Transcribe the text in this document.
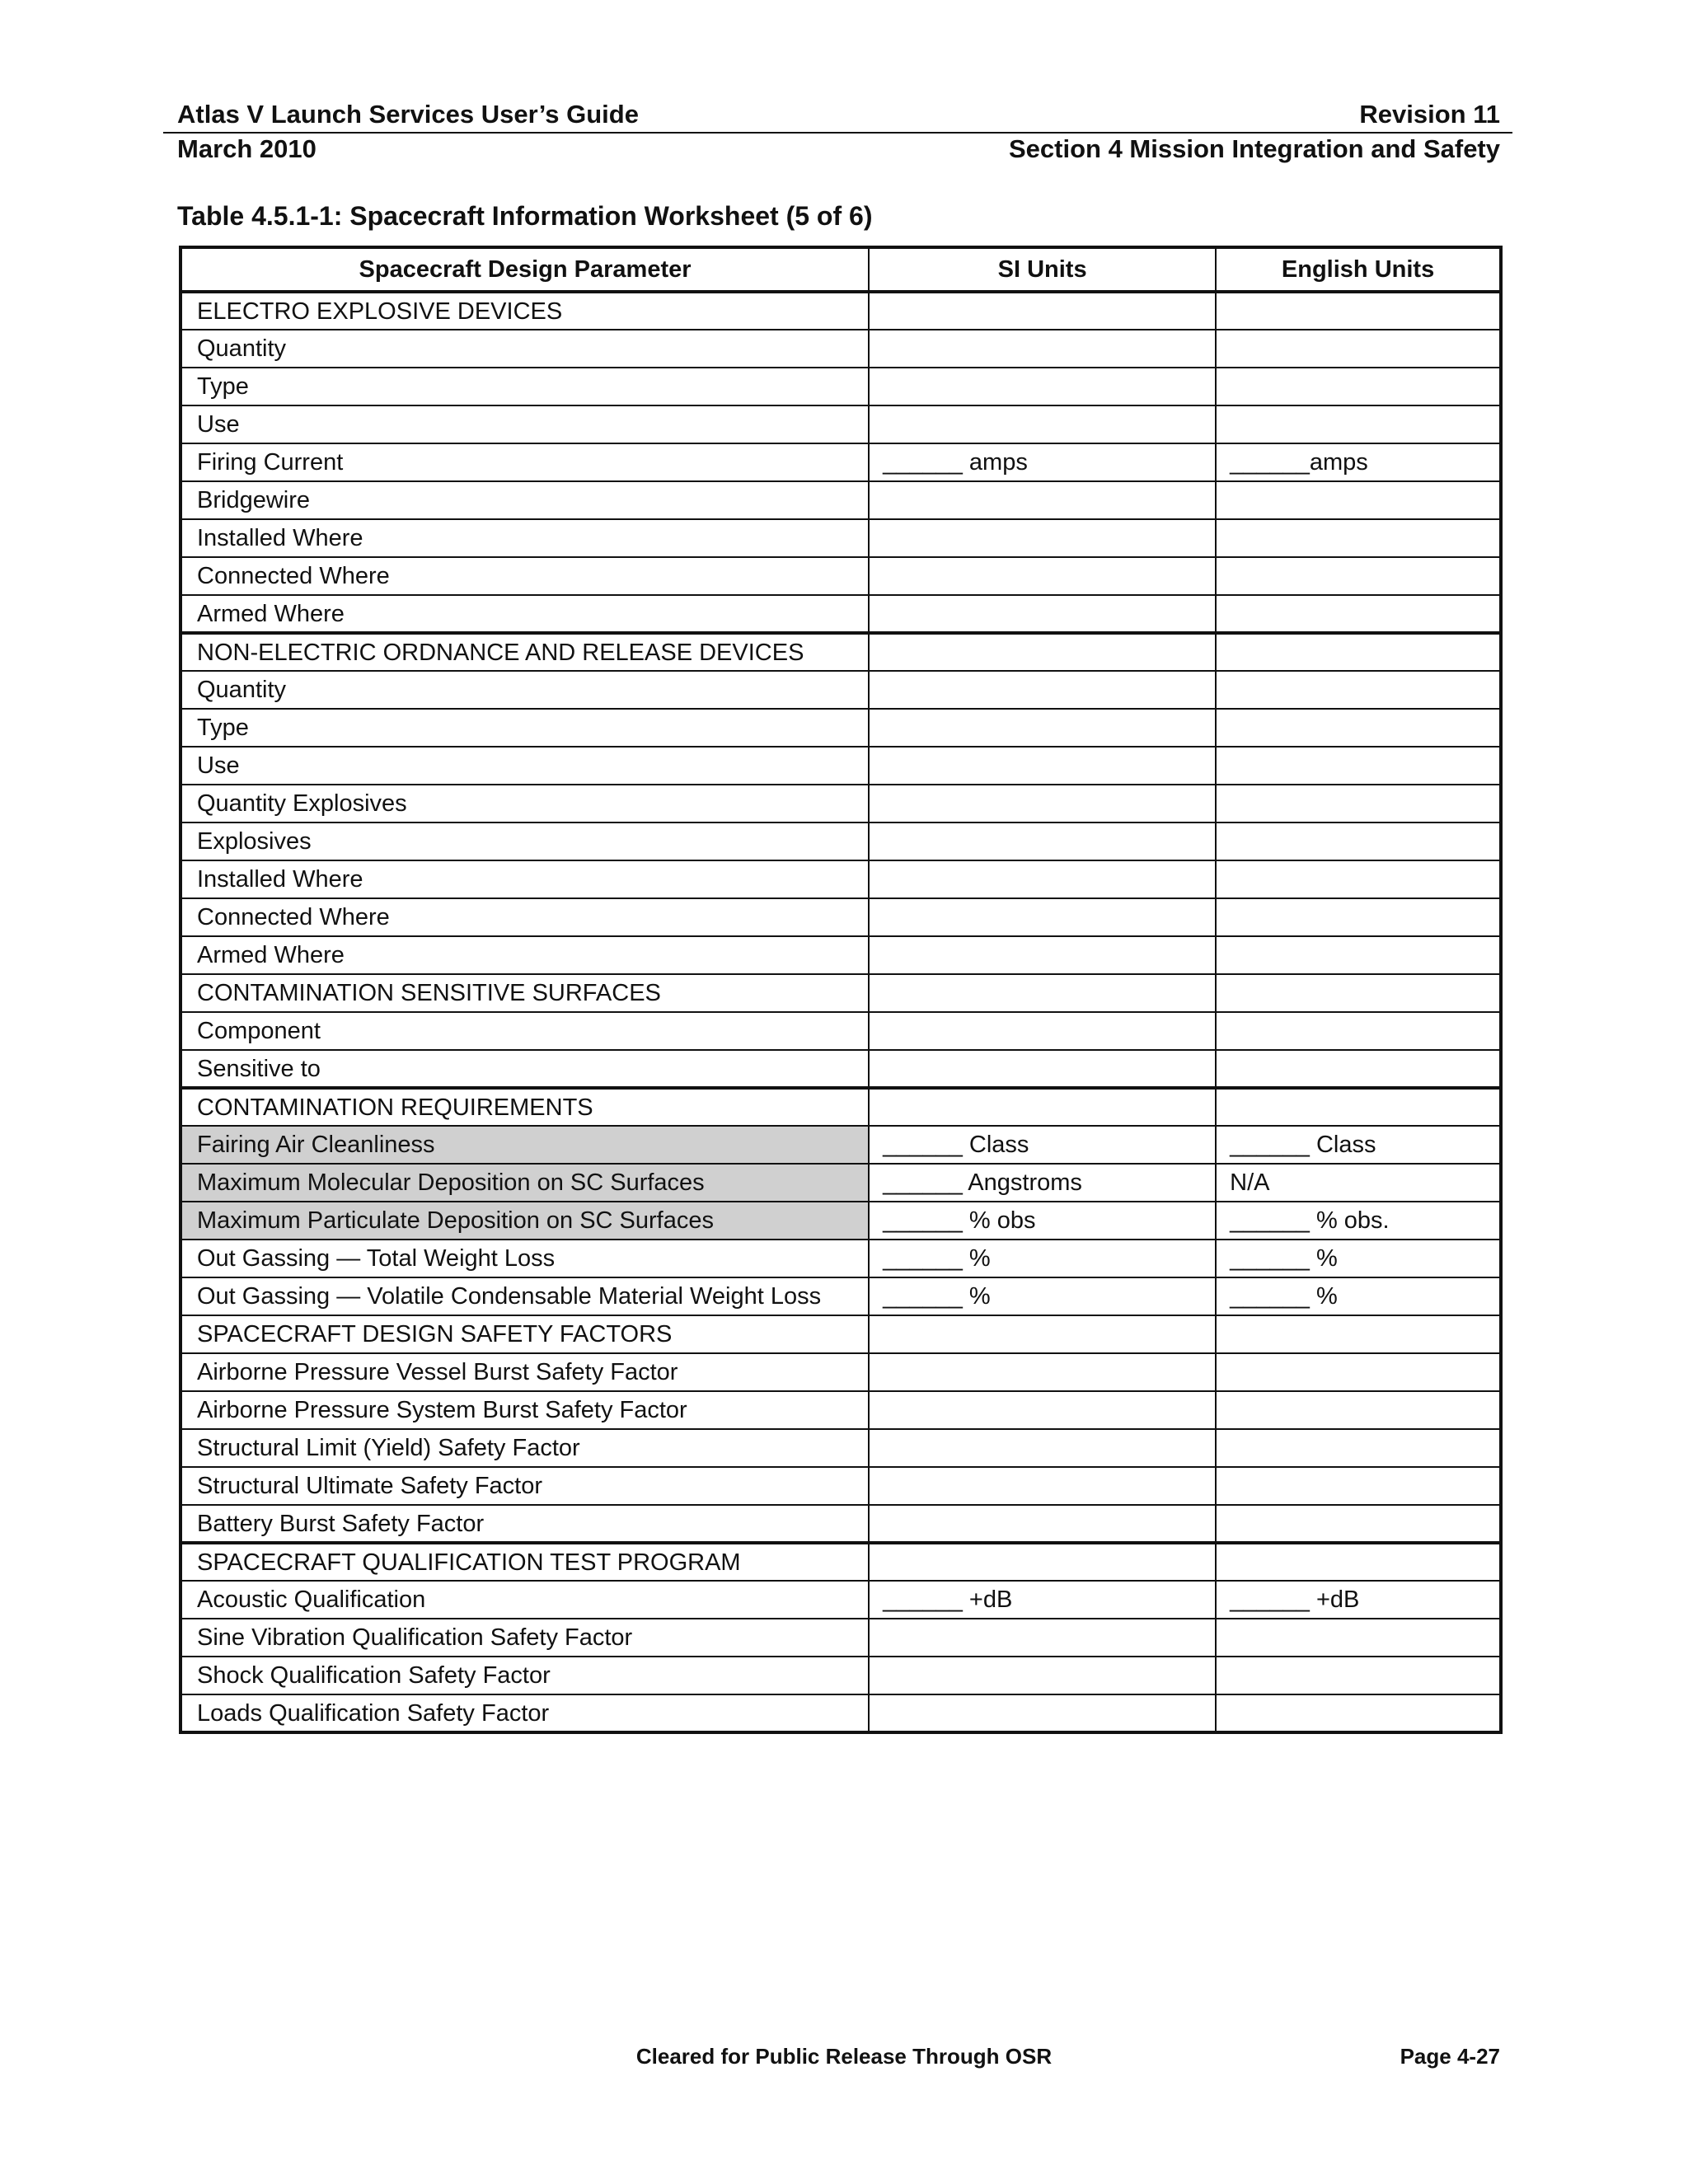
Atlas V Launch Services User’s Guide	Revision 11
March 2010	Section 4 Mission Integration and Safety
Table 4.5.1-1: Spacecraft Information Worksheet (5 of 6)
Spacecraft Design Parameter	SI Units	English Units
ELECTRO EXPLOSIVE DEVICES		
Quantity		
Type		
Use		
Firing Current	______ amps	______amps
Bridgewire		
Installed Where		
Connected Where		
Armed Where		
NON-ELECTRIC ORDNANCE AND RELEASE DEVICES		
Quantity		
Type		
Use		
Quantity Explosives		
Explosives		
Installed Where		
Connected Where		
Armed Where		
CONTAMINATION SENSITIVE SURFACES		
Component		
Sensitive to		
CONTAMINATION REQUIREMENTS		
Fairing Air Cleanliness	______ Class	______ Class
Maximum Molecular Deposition on SC Surfaces	______ Angstroms	N/A
Maximum Particulate Deposition on SC Surfaces	______ % obs	______ % obs.
Out Gassing — Total Weight Loss	______ %	______ %
Out Gassing — Volatile Condensable Material Weight Loss	______ %	______ %
SPACECRAFT DESIGN SAFETY FACTORS		
Airborne Pressure Vessel Burst Safety Factor		
Airborne Pressure System Burst Safety Factor		
Structural Limit (Yield) Safety Factor		
Structural Ultimate Safety Factor		
Battery Burst Safety Factor		
SPACECRAFT QUALIFICATION TEST PROGRAM		
Acoustic Qualification	______ +dB	______ +dB
Sine Vibration Qualification Safety Factor		
Shock Qualification Safety Factor		
Loads Qualification Safety Factor		
Cleared for Public Release Through OSR	Page 4-27
